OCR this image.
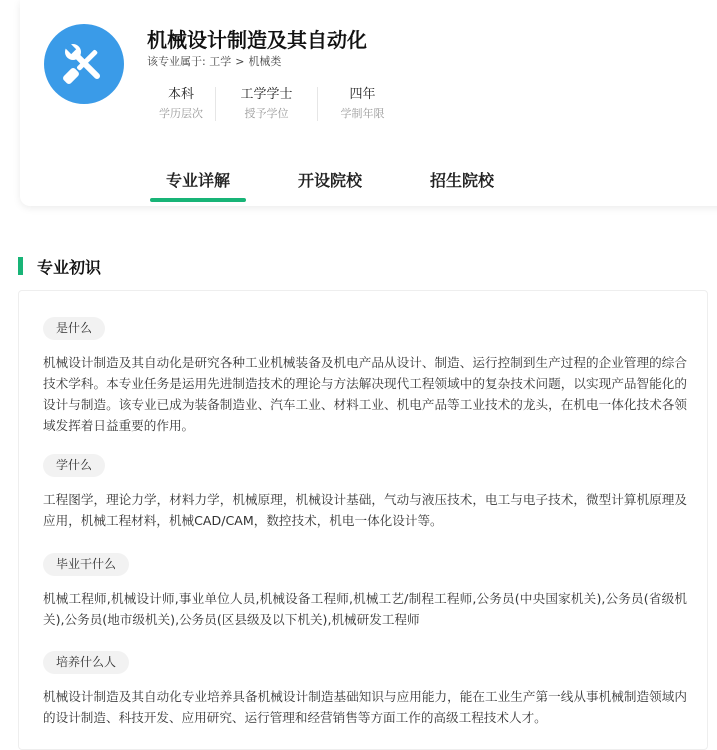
机械设计制造及其自动化
该专业属于: 工学 > 机械类
本科
学历层次
工学学士
授予学位
四年
学制年限
专业详解	开设院校	招生院校
专业初识
是什么
机械设计制造及其自动化是研究各种工业机械装备及机电产品从设计、制造、运行控制到生产过程的企业管理的综合技术学科。本专业任务是运用先进制造技术的理论与方法解决现代工程领域中的复杂技术问题，以实现产品智能化的设计与制造。该专业已成为装备制造业、汽车工业、材料工业、机电产品等工业技术的龙头，在机电一体化技术各领域发挥着日益重要的作用。
学什么
工程图学，理论力学，材料力学，机械原理，机械设计基础，气动与液压技术，电工与电子技术，微型计算机原理及应用，机械工程材料，机械CAD/CAM，数控技术，机电一体化设计等。
毕业干什么
机械工程师,机械设计师,事业单位人员,机械设备工程师,机械工艺/制程工程师,公务员(中央国家机关),公务员(省级机关),公务员(地市级机关),公务员(区县级及以下机关),机械研发工程师
培养什么人
机械设计制造及其自动化专业培养具备机械设计制造基础知识与应用能力，能在工业生产第一线从事机械制造领域内的设计制造、科技开发、应用研究、运行管理和经营销售等方面工作的高级工程技术人才。
